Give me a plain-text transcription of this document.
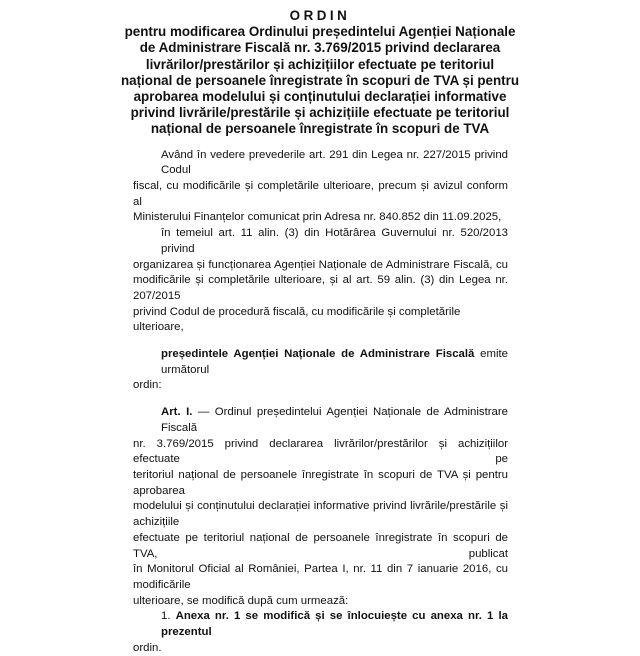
ORDIN
pentru modificarea Ordinului președintelui Agenției Naționale
de Administrare Fiscală nr. 3.769/2015 privind declararea
livrărilor/prestărilor și achizițiilor efectuate pe teritoriul
național de persoanele înregistrate în scopuri de TVA și pentru
aprobarea modelului și conținutului declarației informative
privind livrările/prestările și achizițiile efectuate pe teritoriul
național de persoanele înregistrate în scopuri de TVA
Având în vedere prevederile art. 291 din Legea nr. 227/2015 privind Codul
fiscal, cu modificările și completările ulterioare, precum și avizul conform al
Ministerului Finanțelor comunicat prin Adresa nr. 840.852 din 11.09.2025,
în temeiul art. 11 alin. (3) din Hotărârea Guvernului nr. 520/2013 privind
organizarea și funcționarea Agenției Naționale de Administrare Fiscală, cu
modificările și completările ulterioare, și al art. 59 alin. (3) din Legea nr. 207/2015
privind Codul de procedură fiscală, cu modificările și completările ulterioare,
președintele Agenției Naționale de Administrare Fiscală emite următorul
ordin:
Art. I. — Ordinul președintelui Agenției Naționale de Administrare Fiscală
nr. 3.769/2015 privind declararea livrărilor/prestărilor și achizițiilor efectuate pe
teritoriul național de persoanele înregistrate în scopuri de TVA și pentru aprobarea
modelului și conținutului declarației informative privind livrările/prestările și achizițiile
efectuate pe teritoriul național de persoanele înregistrate în scopuri de TVA, publicat
în Monitorul Oficial al României, Partea I, nr. 11 din 7 ianuarie 2016, cu modificările
ulterioare, se modifică după cum urmează:
1. Anexa nr. 1 se modifică și se înlocuiește cu anexa nr. 1 la prezentul
ordin.
